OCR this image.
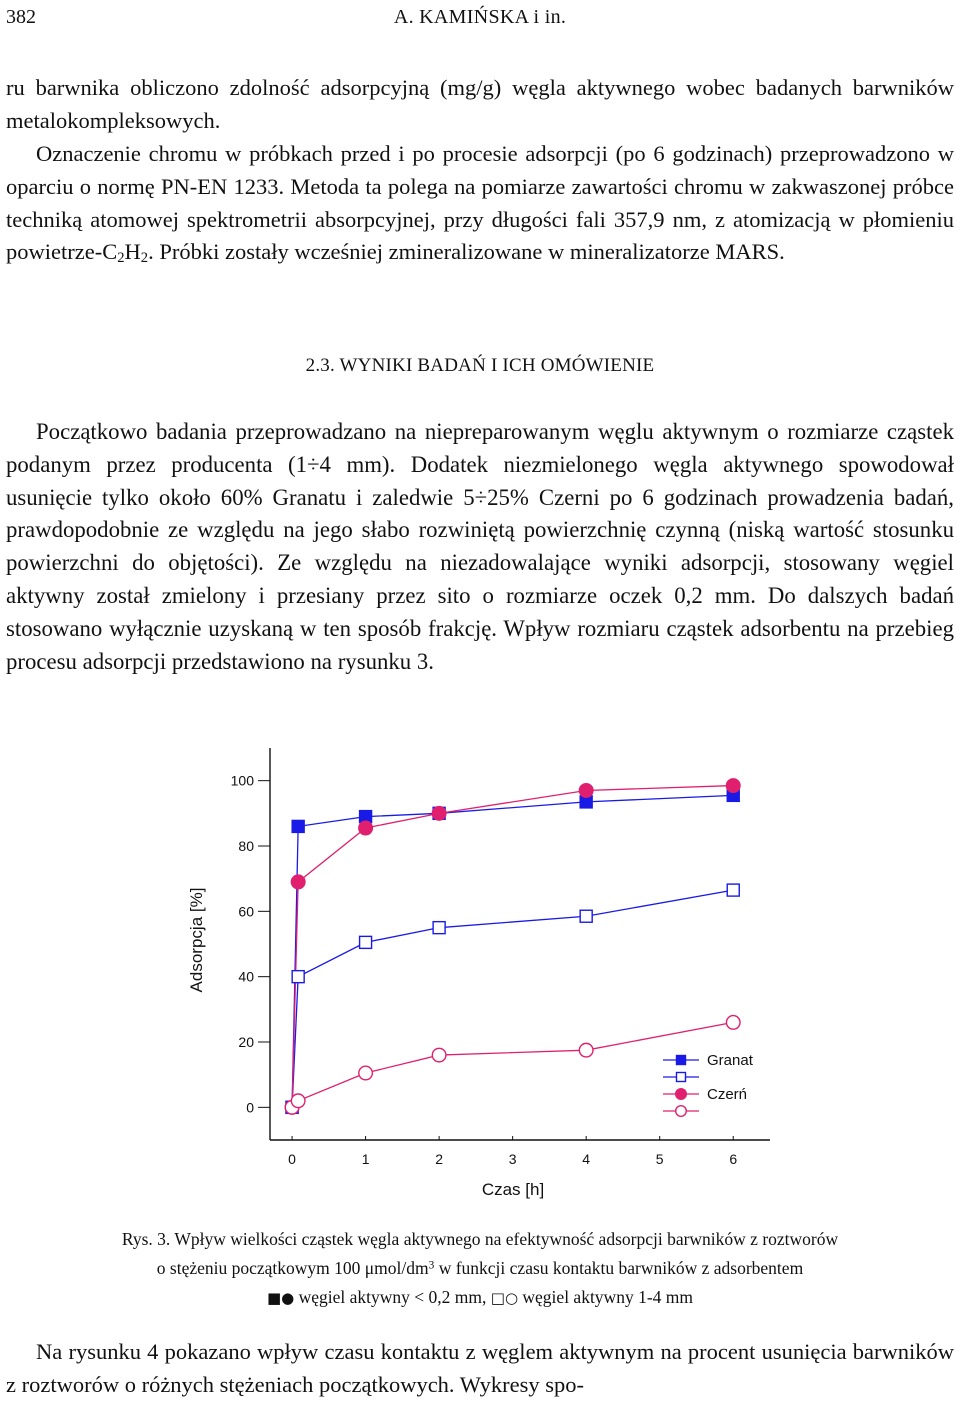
382	A. KAMIŃSKA i in.

ru barwnika obliczono zdolność adsorpcyjną (mg/g) węgla aktywnego wobec badanych barwników metalokompleksowych.

Oznaczenie chromu w próbkach przed i po procesie adsorpcji (po 6 godzinach) przeprowadzono w oparciu o normę PN-EN 1233. Metoda ta polega na pomiarze zawartości chromu w zakwaszonej próbce techniką atomowej spektrometrii absorpcyjnej, przy długości fali 357,9 nm, z atomizacją w płomieniu powietrze-$C_2H_2$. Próbki zostały wcześniej zmineralizowane w mineralizatorze MARS.

2.3. WYNIKI BADAŃ I ICH OMÓWIENIE

Początkowo badania przeprowadzano na niepreparowanym węglu aktywnym o rozmiarze cząstek podanym przez producenta (1÷4 mm). Dodatek niezmielonego węgla aktywnego spowodował usunięcie tylko około 60% Granatu i zaledwie 5÷25% Czerni po 6 godzinach prowadzenia badań, prawdopodobnie ze względu na jego słabo rozwiniętą powierzchnię czynną (niską wartość stosunku powierzchni do objętości). Ze względu na niezadowalające wyniki adsorpcji, stosowany węgiel aktywny został zmielony i przesiany przez sito o rozmiarze oczek 0,2 mm. Do dalszych badań stosowano wyłącznie uzyskaną w ten sposób frakcję. Wpływ rozmiaru cząstek adsorbentu na przebieg procesu adsorpcji przedstawiono na rysunku 3.

0
20
40
60
80
100
0	1	2	3	4	5	6
Adsorpcja [%]
Czas [h]
Granat
Czerń
Rys. 3. Wpływ wielkości cząstek węgla aktywnego na efektywność adsorpcji barwników z roztworów
o stężeniu początkowym 100 μmol/$dm^3$ w funkcji czasu kontaktu barwników z adsorbentem
■● węgiel aktywny < 0,2 mm, □○ węgiel aktywny 1-4 mm

Na rysunku 4 pokazano wpływ czasu kontaktu z węglem aktywnym na procent usunięcia barwników z roztworów o różnych stężeniach początkowych. Wykresy spo-
